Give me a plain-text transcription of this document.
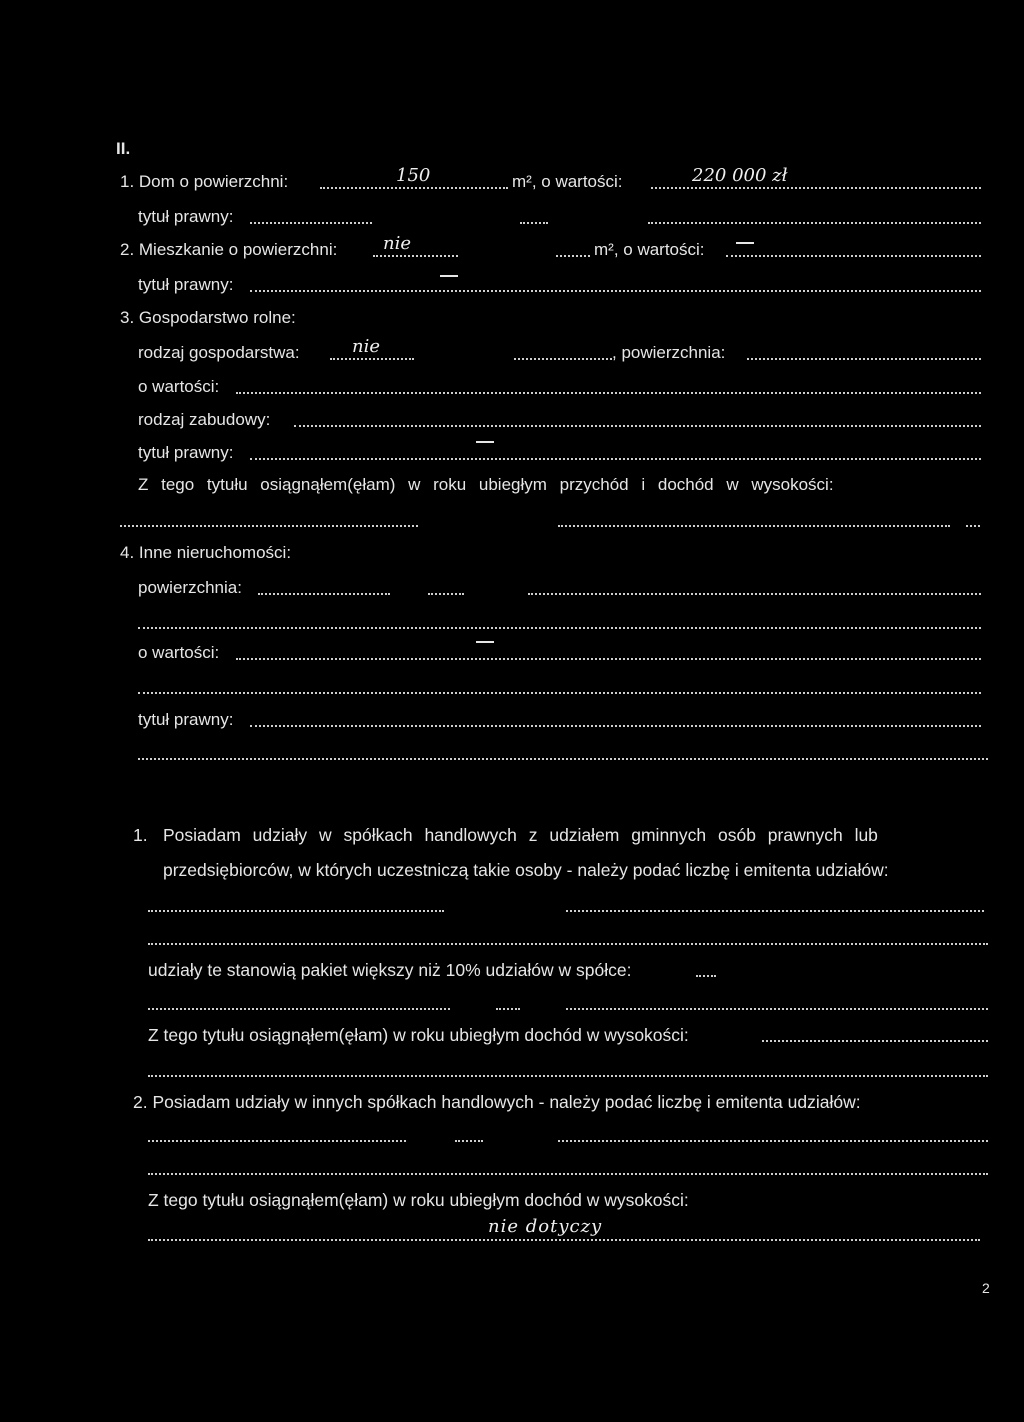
II.
1. Dom o powierzchni:	150	m², o wartości:	220 000 zł
tytuł prawny:
2. Mieszkanie o powierzchni:	nie	m², o wartości:
tytuł prawny:
3. Gospodarstwo rolne:
rodzaj gospodarstwa:	nie	, powierzchnia:
o wartości:
rodzaj zabudowy:
tytuł prawny:
Z tego tytułu osiągnąłem(ęłam) w roku ubiegłym przychód i dochód w wysokości:
4. Inne nieruchomości:
powierzchnia:
o wartości:
tytuł prawny:
1. Posiadam udziały w spółkach handlowych z udziałem gminnych osób prawnych lub
przedsiębiorców, w których uczestniczą takie osoby - należy podać liczbę i emitenta udziałów:
udziały te stanowią pakiet większy niż 10% udziałów w spółce:
Z tego tytułu osiągnąłem(ęłam) w roku ubiegłym dochód w wysokości:
2. Posiadam udziały w innych spółkach handlowych - należy podać liczbę i emitenta udziałów:
Z tego tytułu osiągnąłem(ęłam) w roku ubiegłym dochód w wysokości:
nie dotyczy
2
